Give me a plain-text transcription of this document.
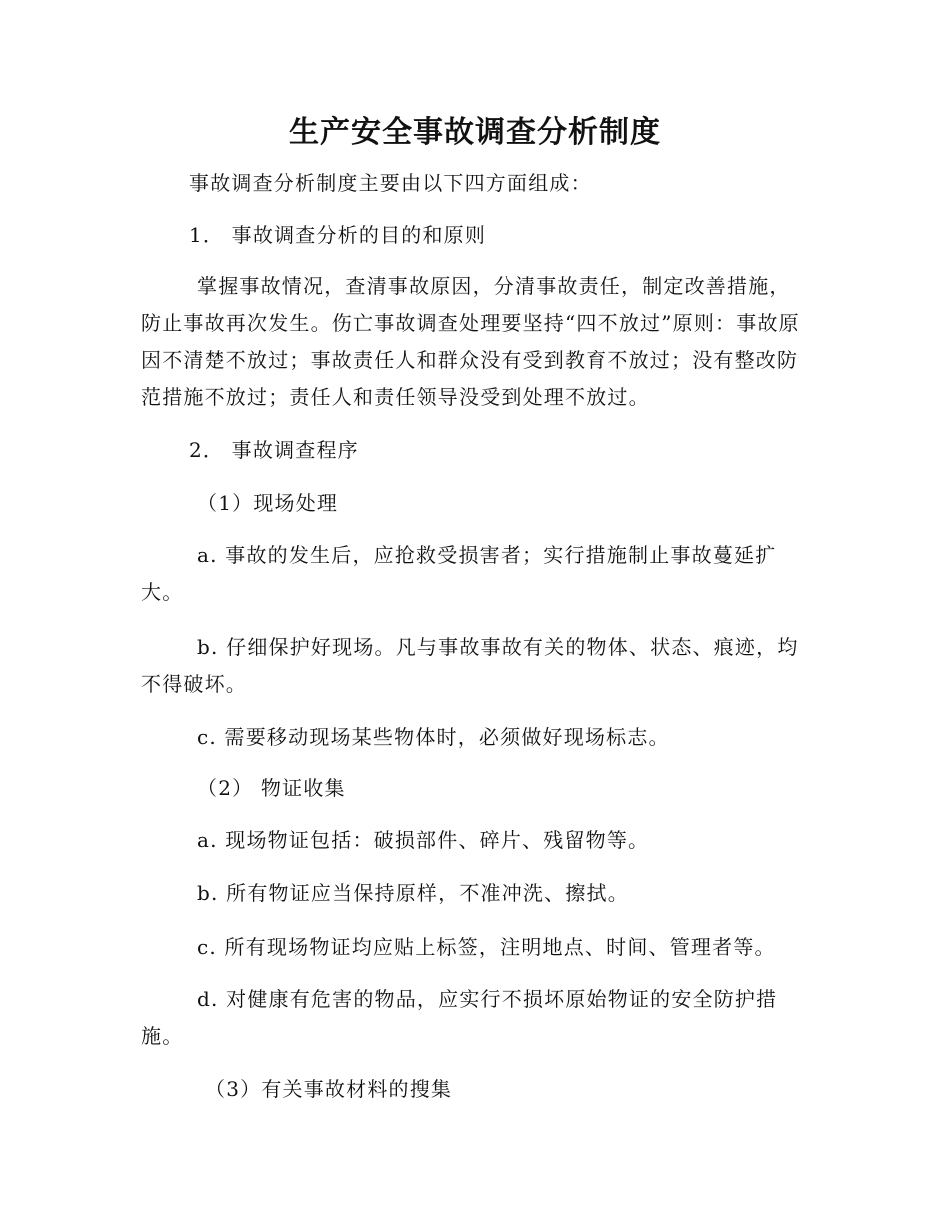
生产安全事故调查分析制度

事故调查分析制度主要由以下四方面组成：

1． 事故调查分析的目的和原则

掌握事故情况，查清事故原因，分清事故责任，制定改善措施，防止事故再次发生。伤亡事故调查处理要坚持“四不放过”原则：事故原因不清楚不放过；事故责任人和群众没有受到教育不放过；没有整改防范措施不放过；责任人和责任领导没受到处理不放过。

2． 事故调查程序

（1）现场处理

a. 事故的发生后，应抢救受损害者；实行措施制止事故蔓延扩大。

b. 仔细保护好现场。凡与事故事故有关的物体、状态、痕迹，均不得破坏。

c. 需要移动现场某些物体时，必须做好现场标志。

（2） 物证收集

a. 现场物证包括：破损部件、碎片、残留物等。

b. 所有物证应当保持原样，不准冲洗、擦拭。

c. 所有现场物证均应贴上标签，注明地点、时间、管理者等。

d. 对健康有危害的物品，应实行不损坏原始物证的安全防护措施。

（3）有关事故材料的搜集
